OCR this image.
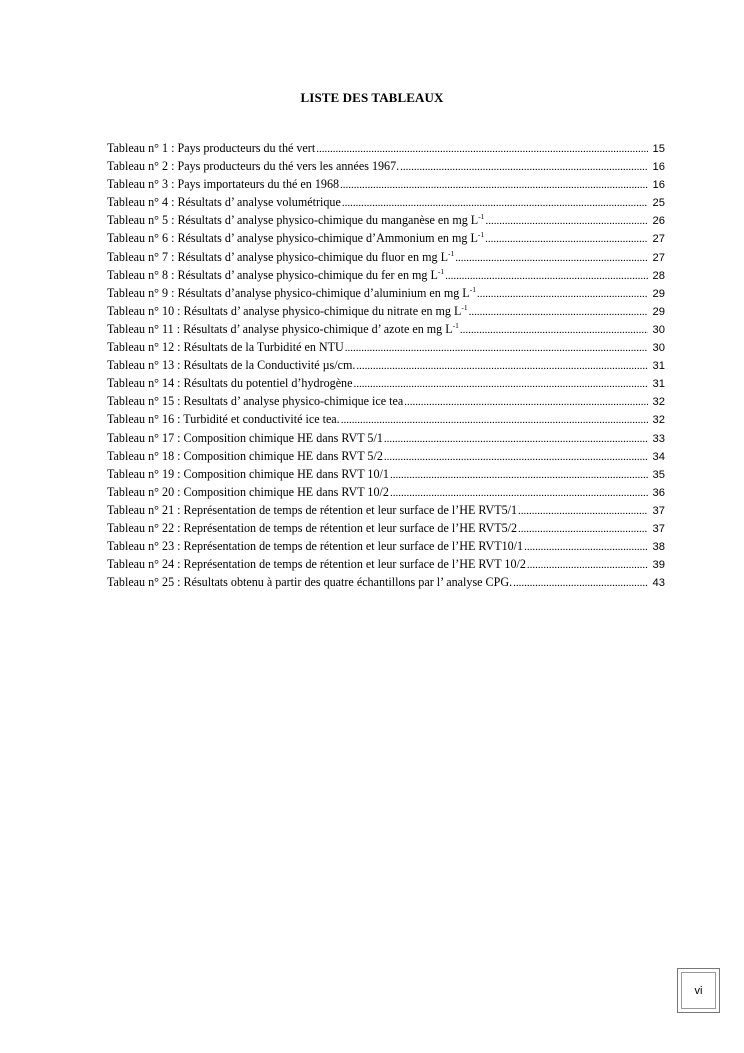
LISTE DES TABLEAUX
Tableau n° 1 : Pays producteurs du thé vert .....	15
Tableau n° 2 : Pays producteurs du thé vers les années 1967. .....	16
Tableau n° 3 : Pays importateurs du thé en 1968 .....	16
Tableau n° 4 : Résultats d’ analyse volumétrique .....	25
Tableau n° 5 : Résultats d’ analyse physico-chimique du manganèse en mg $L^{-1}$ .....	26
Tableau n° 6 : Résultats d’ analyse physico-chimique d’Ammonium en mg $L^{-1}$ .....	27
Tableau n° 7 : Résultats d’ analyse physico-chimique du fluor en mg $L^{-1}$ .....	27
Tableau n° 8 : Résultats d’ analyse physico-chimique du fer en mg $L^{-1}$ .....	28
Tableau n° 9 : Résultats d’analyse physico-chimique d’aluminium en mg $L^{-1}$ .....	29
Tableau n° 10 : Résultats d’ analyse physico-chimique du nitrate en mg $L^{-1}$ .....	29
Tableau n° 11 : Résultats d’ analyse physico-chimique d’ azote en mg $L^{-1}$ .....	30
Tableau n° 12 : Résultats de la Turbidité en NTU .....	30
Tableau n° 13 : Résultats de la Conductivité µs/cm. .....	31
Tableau n° 14 : Résultats du potentiel d’hydrogène .....	31
Tableau n° 15 : Resultats d’ analyse physico-chimique ice tea .....	32
Tableau n° 16 : Turbidité et conductivité ice tea. .....	32
Tableau n° 17 : Composition chimique HE dans RVT 5/1 .....	33
Tableau n° 18 : Composition chimique HE dans RVT 5/2 .....	34
Tableau n° 19 : Composition chimique HE dans RVT 10/1 .....	35
Tableau n° 20 : Composition chimique HE dans RVT 10/2 .....	36
Tableau n° 21 : Représentation de temps de rétention et leur surface de l’HE RVT5/1 .....	37
Tableau n° 22 : Représentation de temps de rétention et leur surface de l’HE RVT5/2 .....	37
Tableau n° 23 : Représentation de temps de rétention et leur surface de l’HE RVT10/1 .....	38
Tableau n° 24 : Représentation de temps de rétention et leur surface de l’HE RVT 10/2 .....	39
Tableau n° 25 : Résultats obtenu à partir des quatre échantillons par l’ analyse CPG. .....	43
vi
